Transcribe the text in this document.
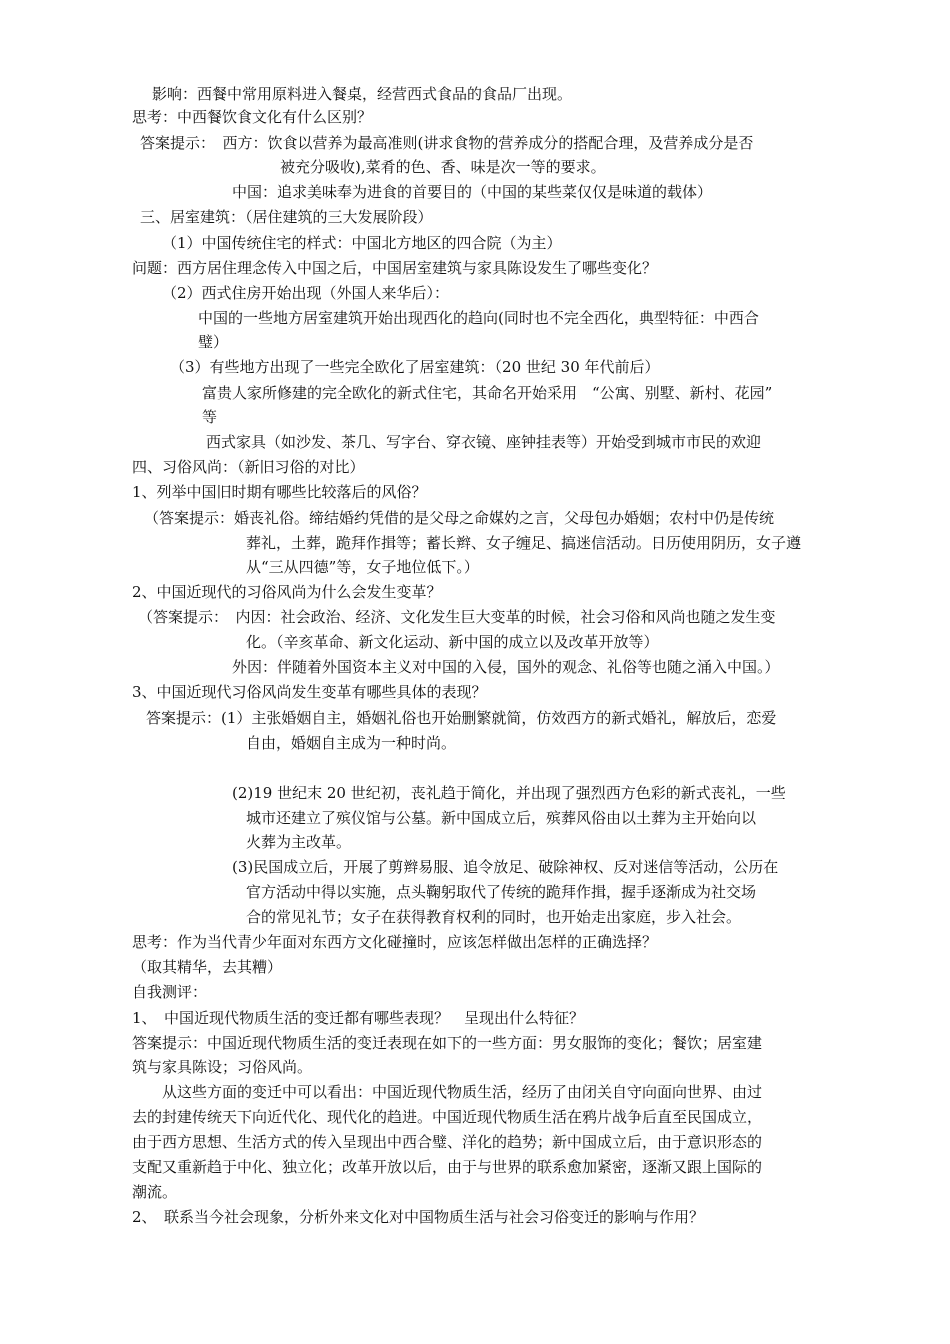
影响：西餐中常用原料进入餐桌，经营西式食品的食品厂出现。
思考：中西餐饮食文化有什么区别？
答案提示：　西方：饮食以营养为最高准则(讲求食物的营养成分的搭配合理，及营养成分是否
被充分吸收),菜肴的色、香、味是次一等的要求。
中国：追求美味奉为进食的首要目的（中国的某些菜仅仅是味道的载体）
三、居室建筑：（居住建筑的三大发展阶段）
（1）中国传统住宅的样式：中国北方地区的四合院（为主）
问题：西方居住理念传入中国之后，中国居室建筑与家具陈设发生了哪些变化？
（2）西式住房开始出现（外国人来华后）：
中国的一些地方居室建筑开始出现西化的趋向(同时也不完全西化，典型特征：中西合
璧）
（3）有些地方出现了一些完全欧化了居室建筑：（20 世纪 30 年代前后）
富贵人家所修建的完全欧化的新式住宅，其命名开始采用　“公寓、别墅、新村、花园”
等
西式家具（如沙发、茶几、写字台、穿衣镜、座钟挂表等）开始受到城市市民的欢迎
四、习俗风尚：（新旧习俗的对比）
1、列举中国旧时期有哪些比较落后的风俗？
（答案提示：婚丧礼俗。缔结婚约凭借的是父母之命媒妁之言，父母包办婚姻；农村中仍是传统
葬礼，土葬，跪拜作揖等；蓄长辫、女子缠足、搞迷信活动。日历使用阴历，女子遵
从“三从四德”等，女子地位低下。）
2、中国近现代的习俗风尚为什么会发生变革？
（答案提示：　内因：社会政治、经济、文化发生巨大变革的时候，社会习俗和风尚也随之发生变
化。（辛亥革命、新文化运动、新中国的成立以及改革开放等）
外因：伴随着外国资本主义对中国的入侵，国外的观念、礼俗等也随之涌入中国。）
3、中国近现代习俗风尚发生变革有哪些具体的表现？
答案提示：(1）主张婚姻自主，婚姻礼俗也开始删繁就简，仿效西方的新式婚礼，解放后，恋爱
自由，婚姻自主成为一种时尚。
(2)19 世纪末 20 世纪初，丧礼趋于简化，并出现了强烈西方色彩的新式丧礼，一些
城市还建立了殡仪馆与公墓。新中国成立后，殡葬风俗由以土葬为主开始向以
火葬为主改革。
(3)民国成立后，开展了剪辫易服、追令放足、破除神权、反对迷信等活动，公历在
官方活动中得以实施，点头鞠躬取代了传统的跪拜作揖，握手逐渐成为社交场
合的常见礼节；女子在获得教育权利的同时，也开始走出家庭，步入社会。
思考：作为当代青少年面对东西方文化碰撞时，应该怎样做出怎样的正确选择？
（取其精华，去其糟）
自我测评：
1、　中国近现代物质生活的变迁都有哪些表现？　呈现出什么特征？
答案提示：中国近现代物质生活的变迁表现在如下的一些方面：男女服饰的变化；餐饮；居室建
筑与家具陈设；习俗风尚。
从这些方面的变迁中可以看出：中国近现代物质生活，经历了由闭关自守向面向世界、由过
去的封建传统天下向近代化、现代化的趋进。中国近现代物质生活在鸦片战争后直至民国成立，
由于西方思想、生活方式的传入呈现出中西合璧、洋化的趋势；新中国成立后，由于意识形态的
支配又重新趋于中化、独立化；改革开放以后，由于与世界的联系愈加紧密，逐渐又跟上国际的
潮流。
2、　联系当今社会现象，分析外来文化对中国物质生活与社会习俗变迁的影响与作用？
